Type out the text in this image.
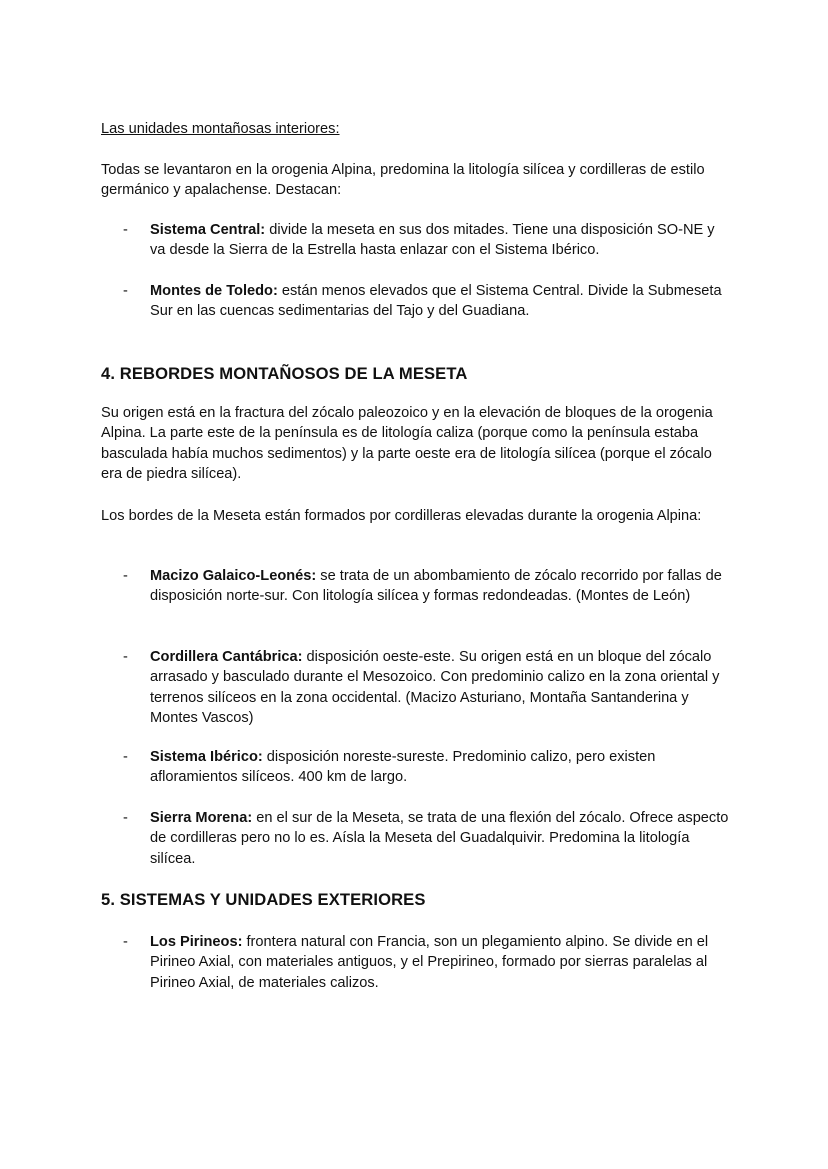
Las unidades montañosas interiores:

Todas se levantaron en la orogenia Alpina, predomina la litología silícea y cordilleras de estilo germánico y apalachense. Destacan:

- Sistema Central: divide la meseta en sus dos mitades. Tiene una disposición SO-NE y va desde la Sierra de la Estrella hasta enlazar con el Sistema Ibérico.
- Montes de Toledo: están menos elevados que el Sistema Central. Divide la Submeseta Sur en las cuencas sedimentarias del Tajo y del Guadiana.
4. REBORDES MONTAÑOSOS DE LA MESETA

Su origen está en la fractura del zócalo paleozoico y en la elevación de bloques de la orogenia Alpina. La parte este de la península es de litología caliza (porque como la península estaba basculada había muchos sedimentos) y la parte oeste era de litología silícea (porque el zócalo era de piedra silícea).

Los bordes de la Meseta están formados por cordilleras elevadas durante la orogenia Alpina:

- Macizo Galaico-Leonés: se trata de un abombamiento de zócalo recorrido por fallas de disposición norte-sur. Con litología silícea y formas redondeadas. (Montes de León)
- Cordillera Cantábrica: disposición oeste-este. Su origen está en un bloque del zócalo arrasado y basculado durante el Mesozoico. Con predominio calizo en la zona oriental y terrenos silíceos en la zona occidental. (Macizo Asturiano, Montaña Santanderina y Montes Vascos)
- Sistema Ibérico: disposición noreste-sureste. Predominio calizo, pero existen afloramientos silíceos. 400 km de largo.
- Sierra Morena: en el sur de la Meseta, se trata de una flexión del zócalo. Ofrece aspecto de cordilleras pero no lo es. Aísla la Meseta del Guadalquivir. Predomina la litología silícea.
5. SISTEMAS Y UNIDADES EXTERIORES
- Los Pirineos: frontera natural con Francia, son un plegamiento alpino. Se divide en el Pirineo Axial, con materiales antiguos, y el Prepirineo, formado por sierras paralelas al Pirineo Axial, de materiales calizos.
